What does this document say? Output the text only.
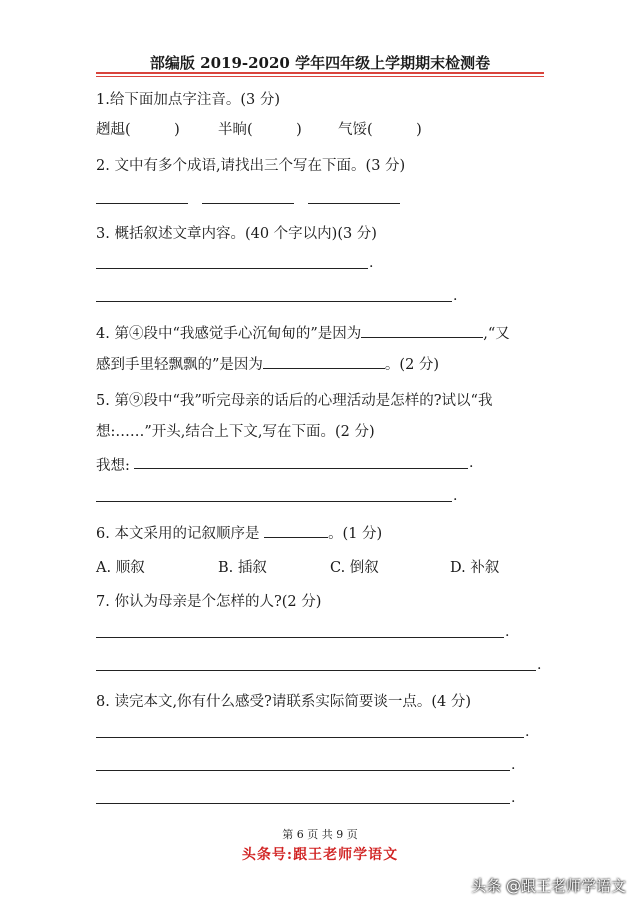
部编版 2019-2020 学年四年级上学期期末检测卷
1.给下面加点字注音。(3 分)
趔趄(　　　)	半晌(　　　) 气馁(　　　)
2. 文中有多个成语,请找出三个写在下面。(3 分)
3. 概括叙述文章内容。(40 个字以内)(3 分)
.
.
4. 第④段中“我感觉手心沉甸甸的”是因为	,“又
感到手里轻飘飘的”是因为	。(2 分)
5. 第⑨段中“我”听完母亲的话后的心理活动是怎样的?试以“我
想:……”开头,结合上下文,写在下面。(2 分)
我想:	.
.
6. 本文采用的记叙顺序是	。(1 分)
A. 顺叙	B. 插叙	C. 倒叙	D. 补叙
7. 你认为母亲是个怎样的人?(2 分)
.
.
8. 读完本文,你有什么感受?请联系实际简要谈一点。(4 分)
.
.
.
第 6 页 共 9 页
头条号:跟王老师学语文
头条 @跟王老师学语文
